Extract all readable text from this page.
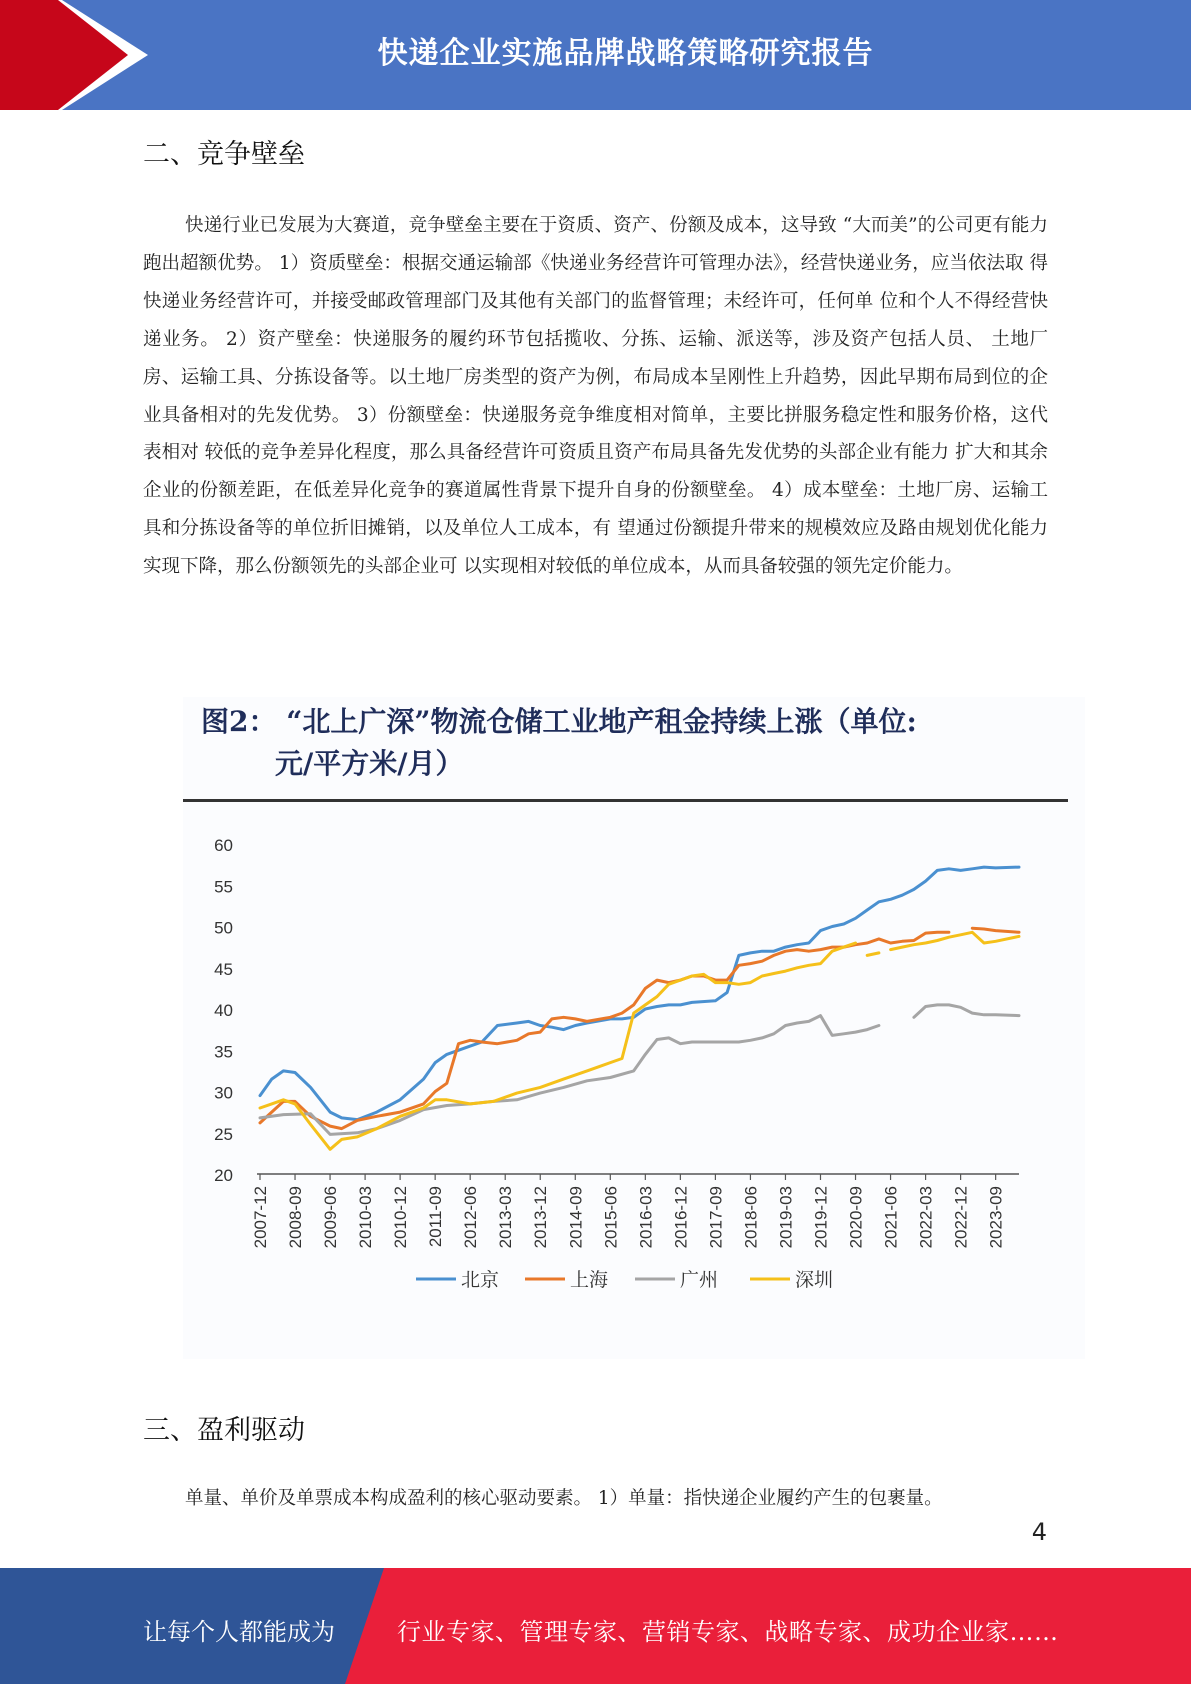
快递企业实施品牌战略策略研究报告
二、竞争壁垒

快递行业已发展为大赛道，竞争壁垒主要在于资质、资产、份额及成本，这导致 “大而美”的公司更有能力跑出超额优势。 1）资质壁垒：根据交通运输部《快递业务经营许可管理办法》，经营快递业务，应当依法取 得快递业务经营许可，并接受邮政管理部门及其他有关部门的监督管理；未经许可，任何单 位和个人不得经营快递业务。 2）资产壁垒：快递服务的履约环节包括揽收、分拣、运输、派送等，涉及资产包括人员、 土地厂房、运输工具、分拣设备等。以土地厂房类型的资产为例，布局成本呈刚性上升趋势，因此早期布局到位的企业具备相对的先发优势。 3）份额壁垒：快递服务竞争维度相对简单，主要比拼服务稳定性和服务价格，这代表相对 较低的竞争差异化程度，那么具备经营许可资质且资产布局具备先发优势的头部企业有能力 扩大和其余企业的份额差距，在低差异化竞争的赛道属性背景下提升自身的份额壁垒。 4）成本壁垒：土地厂房、运输工具和分拣设备等的单位折旧摊销，以及单位人工成本，有 望通过份额提升带来的规模效应及路由规划优化能力实现下降，那么份额领先的头部企业可 以实现相对较低的单位成本，从而具备较强的领先定价能力。

图2： “北上广深”物流仓储工业地产租金持续上涨（单位:
元/平方米/月）
20
25
30
35
40
45
50
55
60
2007-12 2008-09 2009-06 2010-03 2010-12 2011-09 2012-06 2013-03 2013-12 2014-09 2015-06 2016-03 2016-12 2017-09 2018-06 2019-03 2019-12 2020-09 2021-06 2022-03 2022-12 2023-09
北京	上海	广州	深圳
三、盈利驱动

单量、单价及单票成本构成盈利的核心驱动要素。 1）单量：指快递企业履约产生的包裹量。

4
让每个人都能成为	行业专家、管理专家、营销专家、战略专家、成功企业家……
